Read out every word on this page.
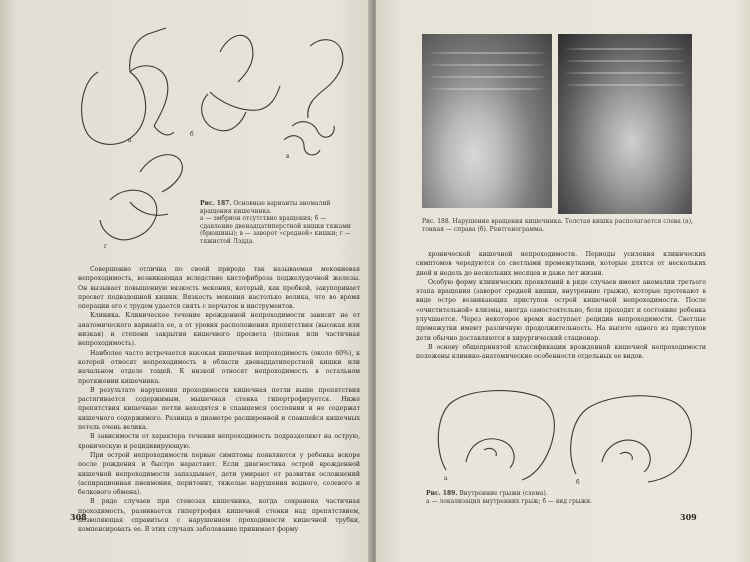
а
б
в
г
Рис. 187. Основные варианты аномалий вращения кишечника.
а — эмбрион отсутствие вращения; б — сдавление двенадцатиперстной кишки тяжами (брюшины); в — заворот «средней» кишки; г — тяжистой Лэдда.

Совершенно отлична по своей природе так называемая мекониевая непроходимость, возникающая вследствие кистофиброза поджелудочной железы. Он вызывает повышенную вязкость мекония, который, как пробкой, закупоривает просвет подвздошной кишки. Вязкость мекония настолько велика, что во время операции его с трудом удается снять с перчаток и инструментов.

Клиника. Клиническое течение врожденной непроходимости зависит не от анатомического варианта ее, а от уровня расположения препятствия (высокая или низкая) и степени закрытия кишечного просвета (полная или частичная непроходимость).

Наиболее часто встречается высокая кишечная непроходимость (около 60%), к которой относят непроходимость в области двенадцатиперстной кишки или начальном отделе тощей. К низкой относят непроходимость в остальном протяжении кишечника.

В результате нарушения проходимости кишечная петли выше препятствия растягивается содержимым, мышечная стенка гипертрофируется. Ниже препятствия кишечные петли находятся в спавшемся состоянии и не содержат кишечного содержимого. Разница в диаметре расширенной и спавшейся кишечных петель очень велика.

В зависимости от характера течения непроходимость подразделяют на острую, хроническую и рецидивирующую.

При острой непроходимости первые симптомы появляются у ребенка вскоре после рождения и быстро нарастают. Если диагностика острой врожденной кишечной непроходимости запаздывает, дети умирают от развития осложнений (аспирационная пневмония, перитонит, тяжелые нарушения водного, солевого и белкового обмена).

В ряде случаев при стенозах кишечника, когда сохранена частичная проходимость, развивается гипертрофия кишечной стенки над препятствием, позволяющая справиться с нарушением проходимости кишечной трубки, компенсировать ее. В этих случаях заболевание принимает форму

308
Рис. 188. Нарушение вращения кишечника. Толстая кишка располагается слева (а), тонкая — справа (б). Рентгенограмма.

хронической кишечной непроходимости. Периоды усиления клинических симптомов чередуются со светлыми промежутками, которые длятся от нескольких дней и недель до нескольких месяцев и даже лет жизни.

Особую форму клинических проявлений в ряде случаев имеют аномалии третьего этапа вращения (заворот средней кишки, внутренние грыжи), которые протекают в виде остро возникающих приступов острой кишечной непроходимости. После «очистительной» клизмы, иногда самостоятельно, боли проходят и состояние ребенка улучшается. Через некоторое время наступает рецидив непроходимости. Светлые промежутки имеют различную продолжительность. На высоте одного из приступов дети обычно доставляются в хирургический стационар.

В основу общепринятой классификации врожденной кишечной непроходимости положены клинико-анатомические особенности отдельных ее видов.

а
б
Рис. 189. Внутренние грыжи (схема).
а — локализация внутренних грыж; б — вид грыжи.
309
